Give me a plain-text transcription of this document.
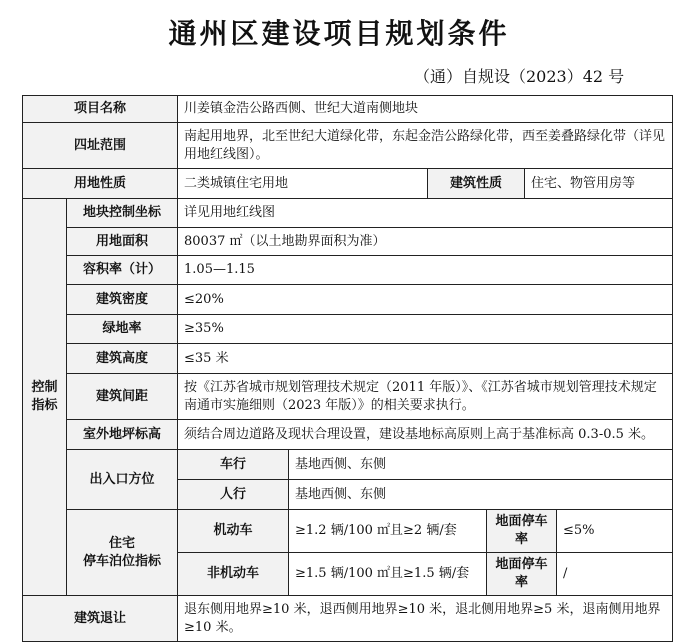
通州区建设项目规划条件
（通）自规设（2023）42 号
项目名称		川姜镇金浩公路西侧、世纪大道南侧地块					
四址范围		南起用地界，北至世纪大道绿化带，东起金浩公路绿化带，西至姜叠路绿化带（详见用地红线图）。					
用地性质		二类城镇住宅用地		建筑性质		住宅、物管用房等	

控制
指标	地块控制坐标	详见用地红线图					
	用地面积	80037 ㎡（以土地勘界面积为准）					
	容积率（计）	1.05—1.15					
	建筑密度	≤20%					
	绿地率	≥35%					
	建筑高度	≤35 米					
	建筑间距	按《江苏省城市规划管理技术规定（2011 年版）》、《江苏省城市规划管理技术规定南通市实施细则（2023 年版）》的相关要求执行。					
	室外地坪标高	须结合周边道路及现状合理设置，建设基地标高原则上高于基准标高 0.3-0.5 米。					
	出入口方位	车行	基地西侧、东侧				
		人行	基地西侧、东侧				

	住宅
停车泊位指标	机动车	≥1.2 辆/100 ㎡且≥2 辆/套		地面停车率		≤5%
		非机动车	≥1.5 辆/100 ㎡且≥1.5 辆/套		地面停车率		/
建筑退让		退东侧用地界≥10 米，退西侧用地界≥10 米，退北侧用地界≥5 米，退南侧用地界≥10 米。					
